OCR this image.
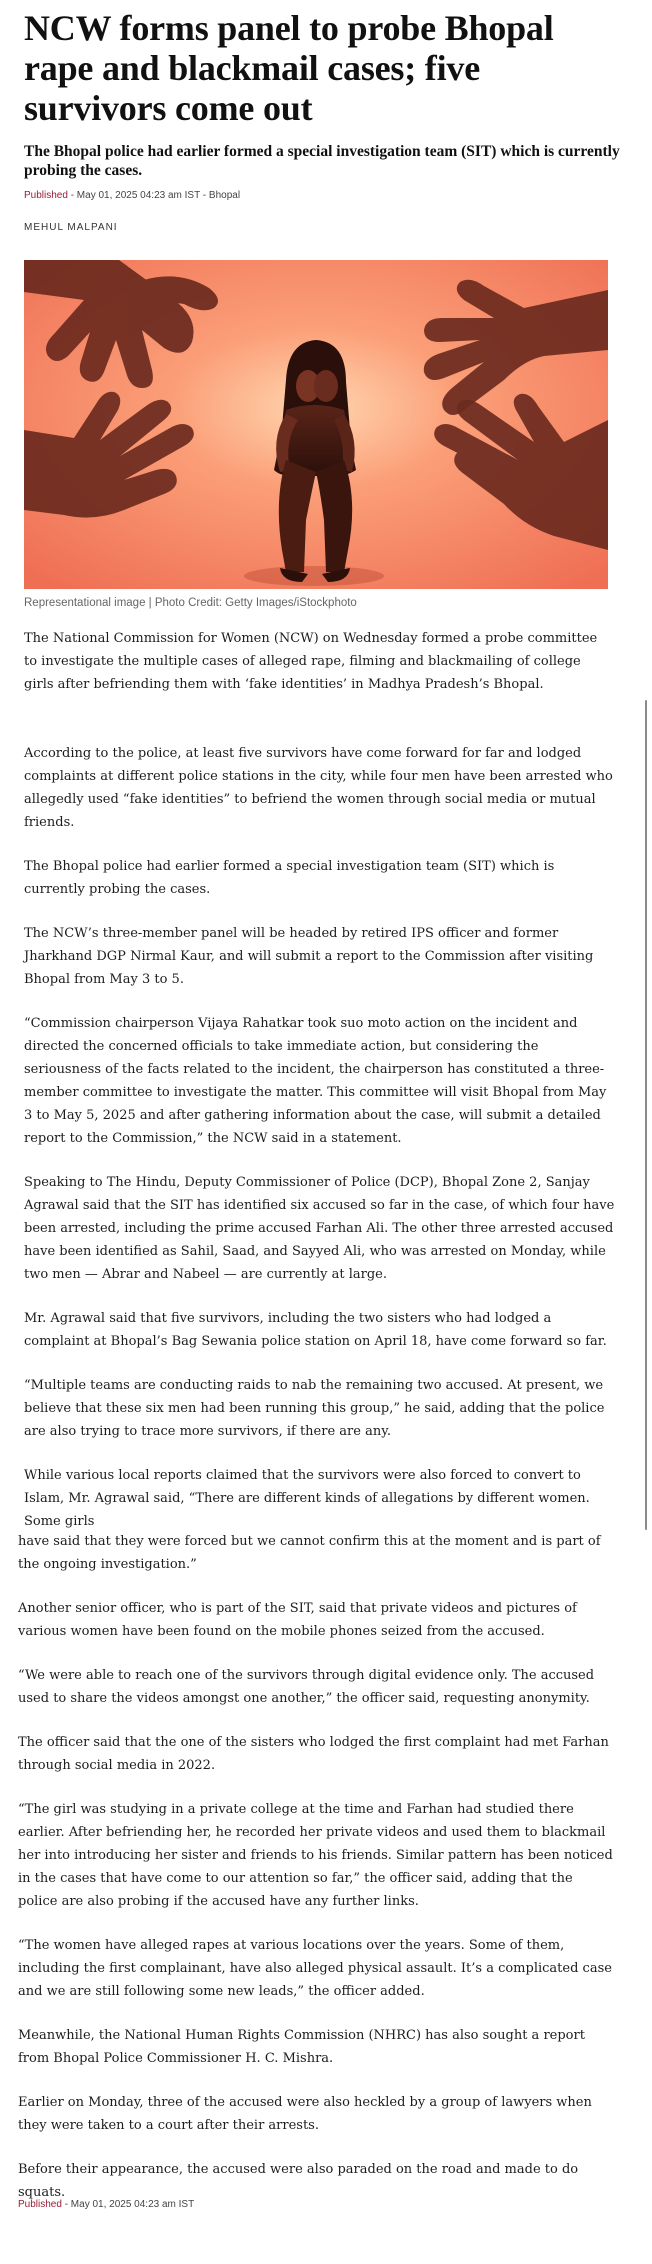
NCW forms panel to probe Bhopal rape and blackmail cases; five survivors come out
The Bhopal police had earlier formed a special investigation team (SIT) which is currently probing the cases.
Published - May 01, 2025 04:23 am IST - Bhopal
MEHUL MALPANI
Representational image | Photo Credit: Getty Images/iStockphoto

The National Commission for Women (NCW) on Wednesday formed a probe committee to investigate the multiple cases of alleged rape, filming and blackmailing of college girls after befriending them with ‘fake identities’ in Madhya Pradesh’s Bhopal.

According to the police, at least five survivors have come forward for far and lodged complaints at different police stations in the city, while four men have been arrested who allegedly used “fake identities” to befriend the women through social media or mutual friends.

The Bhopal police had earlier formed a special investigation team (SIT) which is currently probing the cases.

The NCW’s three-member panel will be headed by retired IPS officer and former Jharkhand DGP Nirmal Kaur, and will submit a report to the Commission after visiting Bhopal from May 3 to 5.

“Commission chairperson Vijaya Rahatkar took suo moto action on the incident and directed the concerned officials to take immediate action, but considering the seriousness of the facts related to the incident, the chairperson has constituted a three-member committee to investigate the matter. This committee will visit Bhopal from May 3 to May 5, 2025 and after gathering information about the case, will submit a detailed report to the Commission,” the NCW said in a statement.

Speaking to The Hindu, Deputy Commissioner of Police (DCP), Bhopal Zone 2, Sanjay Agrawal said that the SIT has identified six accused so far in the case, of which four have been arrested, including the prime accused Farhan Ali. The other three arrested accused have been identified as Sahil, Saad, and Sayyed Ali, who was arrested on Monday, while two men — Abrar and Nabeel — are currently at large.

Mr. Agrawal said that five survivors, including the two sisters who had lodged a complaint at Bhopal’s Bag Sewania police station on April 18, have come forward so far.

“Multiple teams are conducting raids to nab the remaining two accused. At present, we believe that these six men had been running this group,” he said, adding that the police are also trying to trace more survivors, if there are any.

While various local reports claimed that the survivors were also forced to convert to Islam, Mr. Agrawal said, “There are different kinds of allegations by different women. Some girls

have said that they were forced but we cannot confirm this at the moment and is part of the ongoing investigation.”

Another senior officer, who is part of the SIT, said that private videos and pictures of various women have been found on the mobile phones seized from the accused.

“We were able to reach one of the survivors through digital evidence only. The accused used to share the videos amongst one another,” the officer said, requesting anonymity.

The officer said that the one of the sisters who lodged the first complaint had met Farhan through social media in 2022.

“The girl was studying in a private college at the time and Farhan had studied there earlier. After befriending her, he recorded her private videos and used them to blackmail her into introducing her sister and friends to his friends. Similar pattern has been noticed in the cases that have come to our attention so far,” the officer said, adding that the police are also probing if the accused have any further links.

“The women have alleged rapes at various locations over the years. Some of them, including the first complainant, have also alleged physical assault. It’s a complicated case and we are still following some new leads,” the officer added.

Meanwhile, the National Human Rights Commission (NHRC) has also sought a report from Bhopal Police Commissioner H. C. Mishra.

Earlier on Monday, three of the accused were also heckled by a group of lawyers when they were taken to a court after their arrests.

Before their appearance, the accused were also paraded on the road and made to do squats.

Published - May 01, 2025 04:23 am IST
